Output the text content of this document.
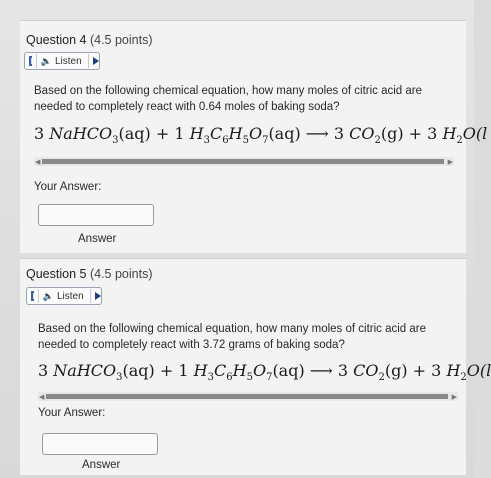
Question 4 (4.5 points)
🔈 Listen
Based on the following chemical equation, how many moles of citric acid are needed to completely react with 0.64 moles of baking soda?
3 NaHCO$_3$(aq) + 1 $H_3C_6H_5O_7(aq)$ ⟶ 3 $CO_2(g) + 3$ $H_2O(l$
◀	▶
Your Answer:
Answer
Question 5 (4.5 points)
🔈 Listen
Based on the following chemical equation, how many moles of citric acid are needed to completely react with 3.72 grams of baking soda?
3 NaHCO$_3$(aq) + 1 $H_3C_6H_5O_7(aq)$ ⟶ 3 $CO_2(g) + 3$ $H_2O(l$
◀	▶
Your Answer:
Answer
